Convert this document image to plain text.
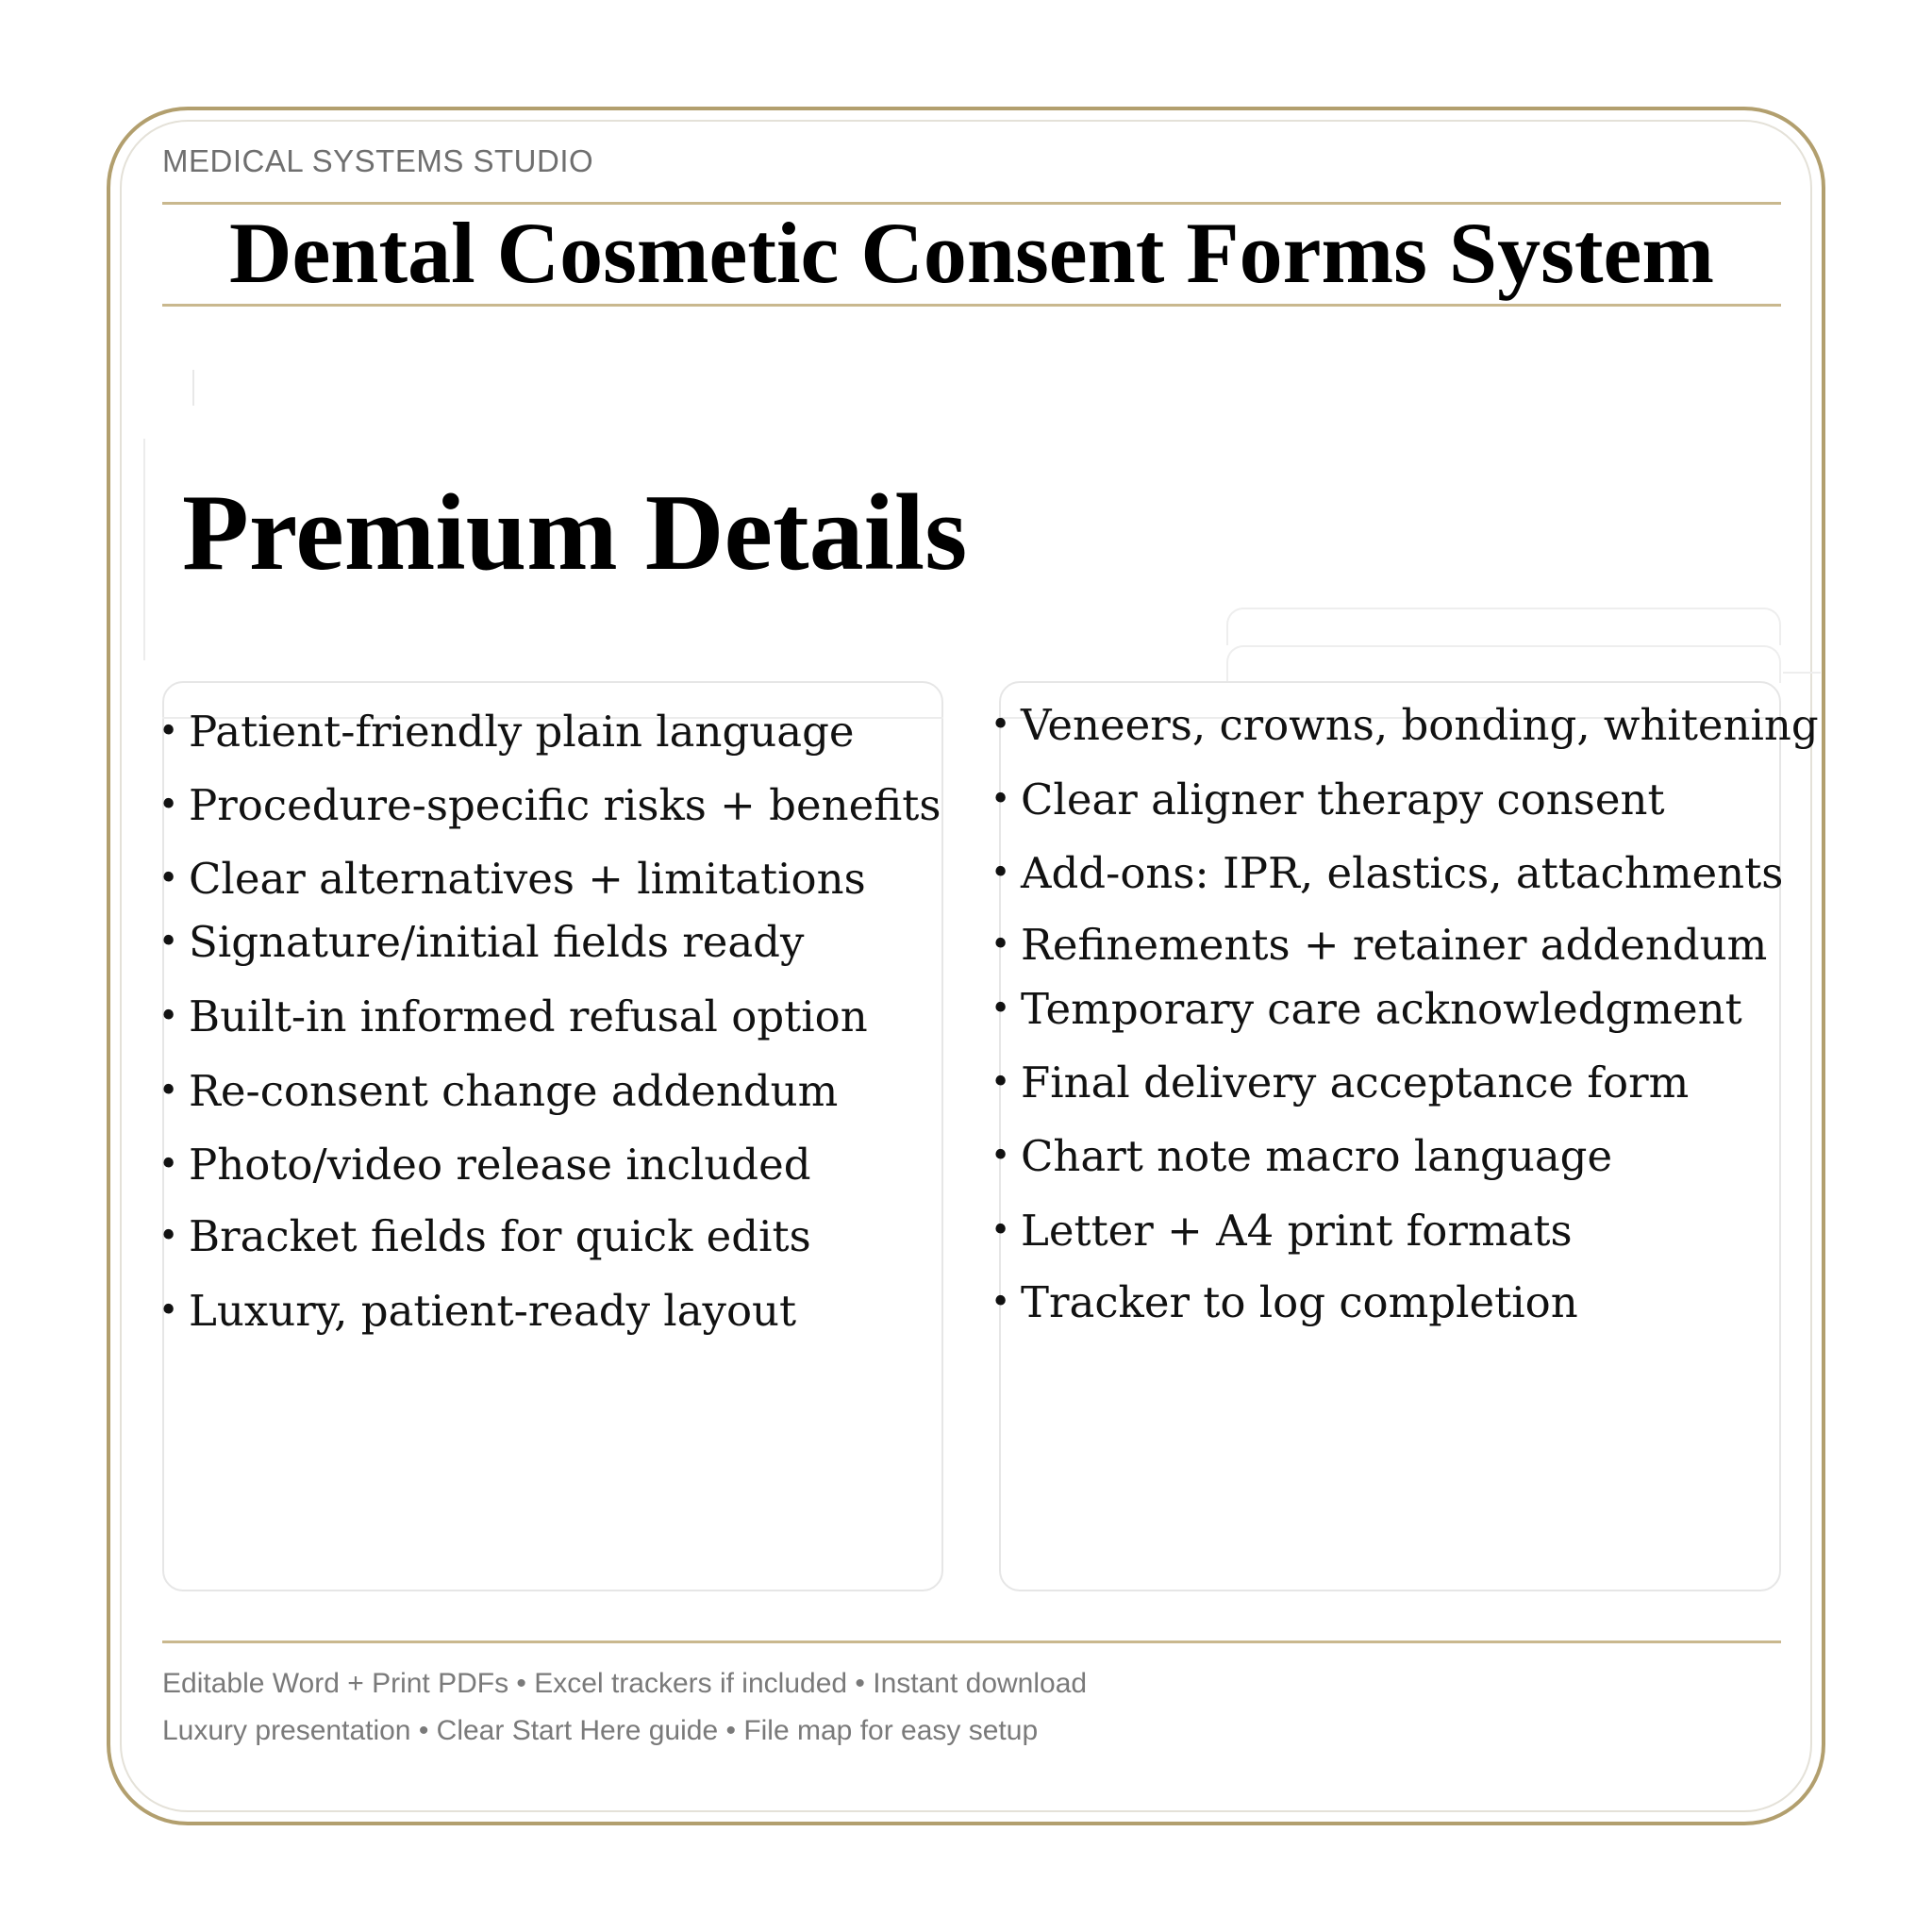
MEDICAL SYSTEMS STUDIO
Dental Cosmetic Consent Forms System
Premium Details
• Patient-friendly plain language
• Procedure-specific risks + benefits
• Clear alternatives + limitations
• Signature/initial fields ready
• Built-in informed refusal option
• Re-consent change addendum
• Photo/video release included
• Bracket fields for quick edits
• Luxury, patient-ready layout
• Veneers, crowns, bonding, whitening
• Clear aligner therapy consent
• Add-ons: IPR, elastics, attachments
• Refinements + retainer addendum
• Temporary care acknowledgment
• Final delivery acceptance form
• Chart note macro language
• Letter + A4 print formats
• Tracker to log completion
Editable Word + Print PDFs • Excel trackers if included • Instant download
Luxury presentation • Clear Start Here guide • File map for easy setup
